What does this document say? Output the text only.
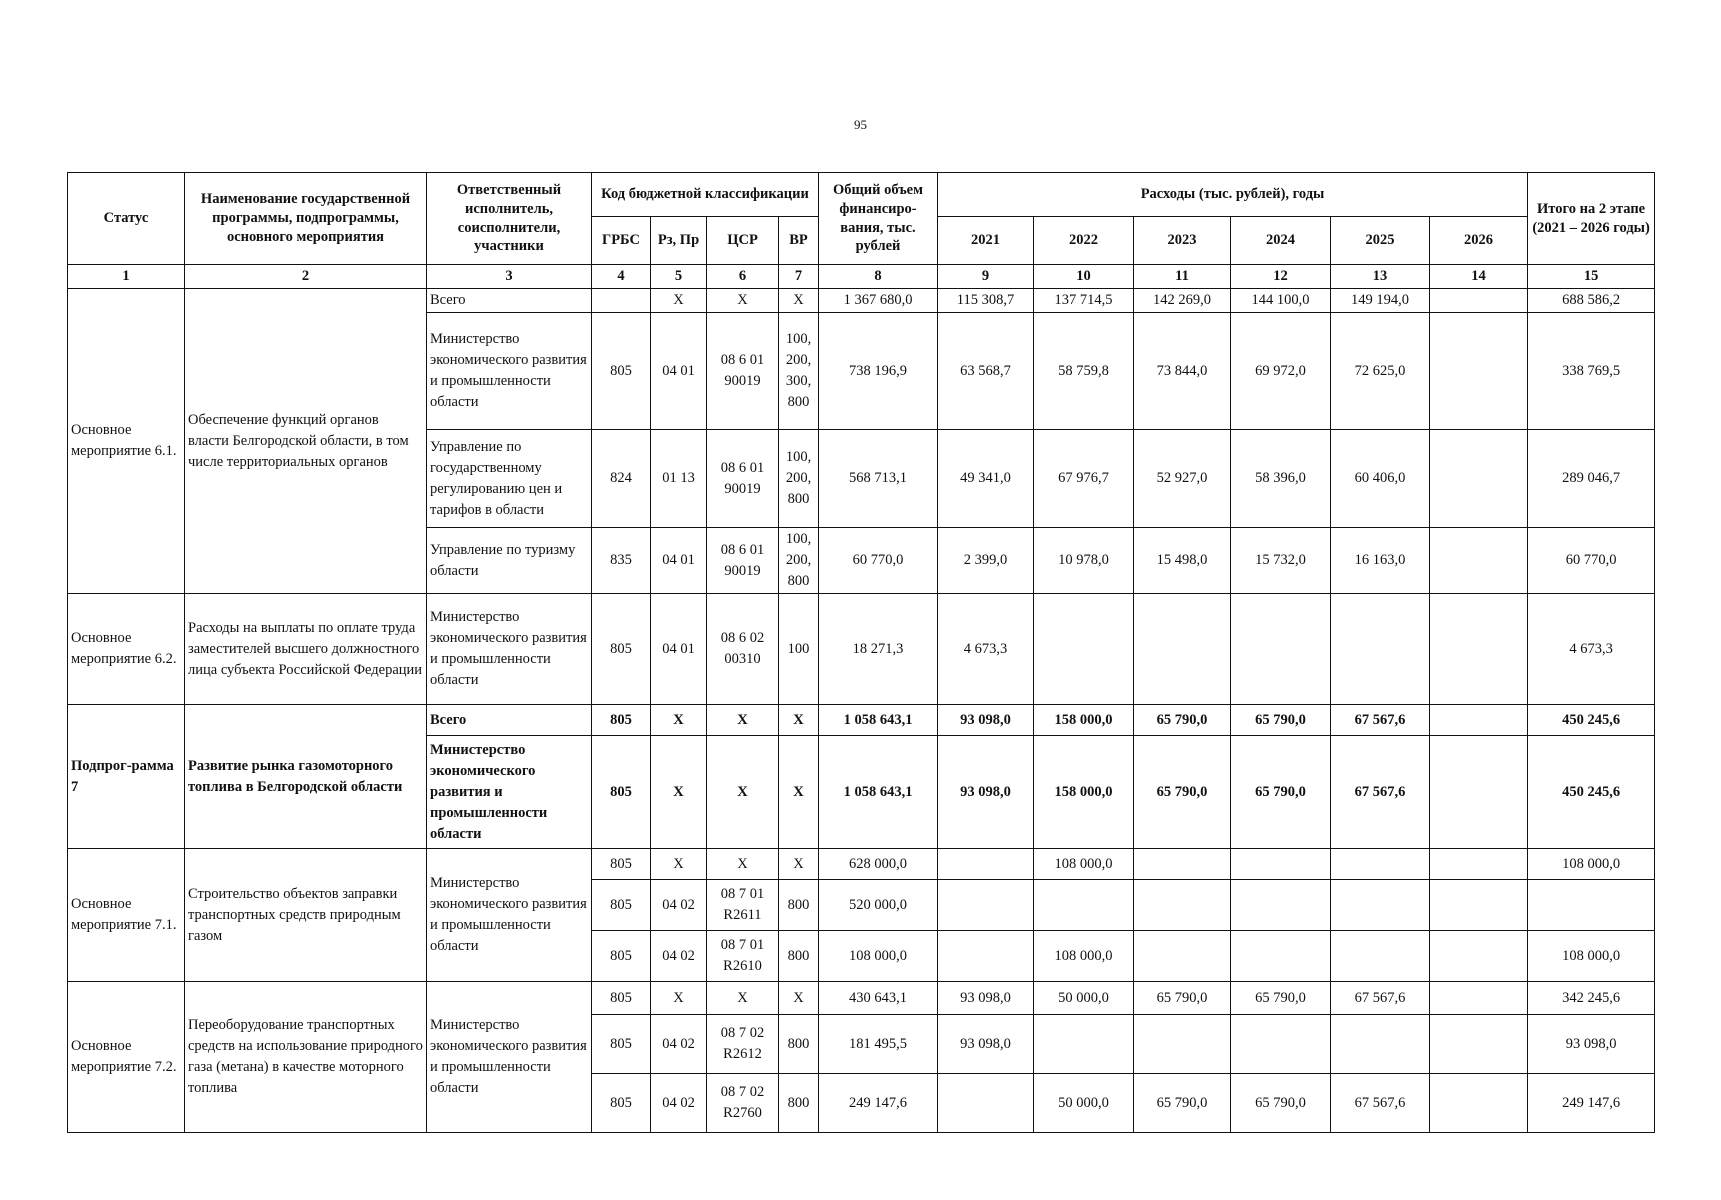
95
Статус	Наименование государственной программы, подпрограммы, основного мероприятия	Ответственный исполнитель, соисполнители, участники	Код бюджетной классификации				Общий объем финансиро-вания, тыс. рублей	Расходы (тыс. рублей), годы						Итого на 2 этапе (2021 – 2026 годы)
			ГРБС	Рз, Пр	ЦСР	ВР		2021	2022	2023	2024	2025	2026	
1	2	3	4	5	6	7	8	9	10	11	12	13	14	15
Основное мероприятие 6.1.	Обеспечение функций органов власти Белгородской области, в том числе территориальных органов	Всего		X	X	X	1 367 680,0	115 308,7	137 714,5	142 269,0	144 100,0	149 194,0		688 586,2
		Министерство экономического развития и промышленности области	805	04 01	08 6 01 90019	100, 200, 300, 800	738 196,9	63 568,7	58 759,8	73 844,0	69 972,0	72 625,0		338 769,5
		Управление по государственному регулированию цен и тарифов в области	824	01 13	08 6 01 90019	100, 200, 800	568 713,1	49 341,0	67 976,7	52 927,0	58 396,0	60 406,0		289 046,7
		Управление по туризму области	835	04 01	08 6 01 90019	100, 200, 800	60 770,0	2 399,0	10 978,0	15 498,0	15 732,0	16 163,0		60 770,0
Основное мероприятие 6.2.	Расходы на выплаты по оплате труда заместителей высшего должностного лица субъекта Российской Федерации	Министерство экономического развития и промышленности области	805	04 01	08 6 02 00310	100	18 271,3	4 673,3						4 673,3
Подпрог-рамма 7	Развитие рынка газомоторного топлива в Белгородской области	Всего	805	X	X	X	1 058 643,1	93 098,0	158 000,0	65 790,0	65 790,0	67 567,6		450 245,6
		Министерство экономического развития и промышленности области	805	X	X	X	1 058 643,1	93 098,0	158 000,0	65 790,0	65 790,0	67 567,6		450 245,6
Основное мероприятие 7.1.	Строительство объектов заправки транспортных средств природным газом	Министерство экономического развития и промышленности области	805	X	X	X	628 000,0		108 000,0					108 000,0
			805	04 02	08 7 01 R2611	800	520 000,0							
			805	04 02	08 7 01 R2610	800	108 000,0		108 000,0					108 000,0
Основное мероприятие 7.2.	Переоборудование транспортных средств на использование природного газа (метана) в качестве моторного топлива	Министерство экономического развития и промышленности области	805	X	X	X	430 643,1	93 098,0	50 000,0	65 790,0	65 790,0	67 567,6		342 245,6
			805	04 02	08 7 02 R2612	800	181 495,5	93 098,0						93 098,0
			805	04 02	08 7 02 R2760	800	249 147,6		50 000,0	65 790,0	65 790,0	67 567,6		249 147,6
